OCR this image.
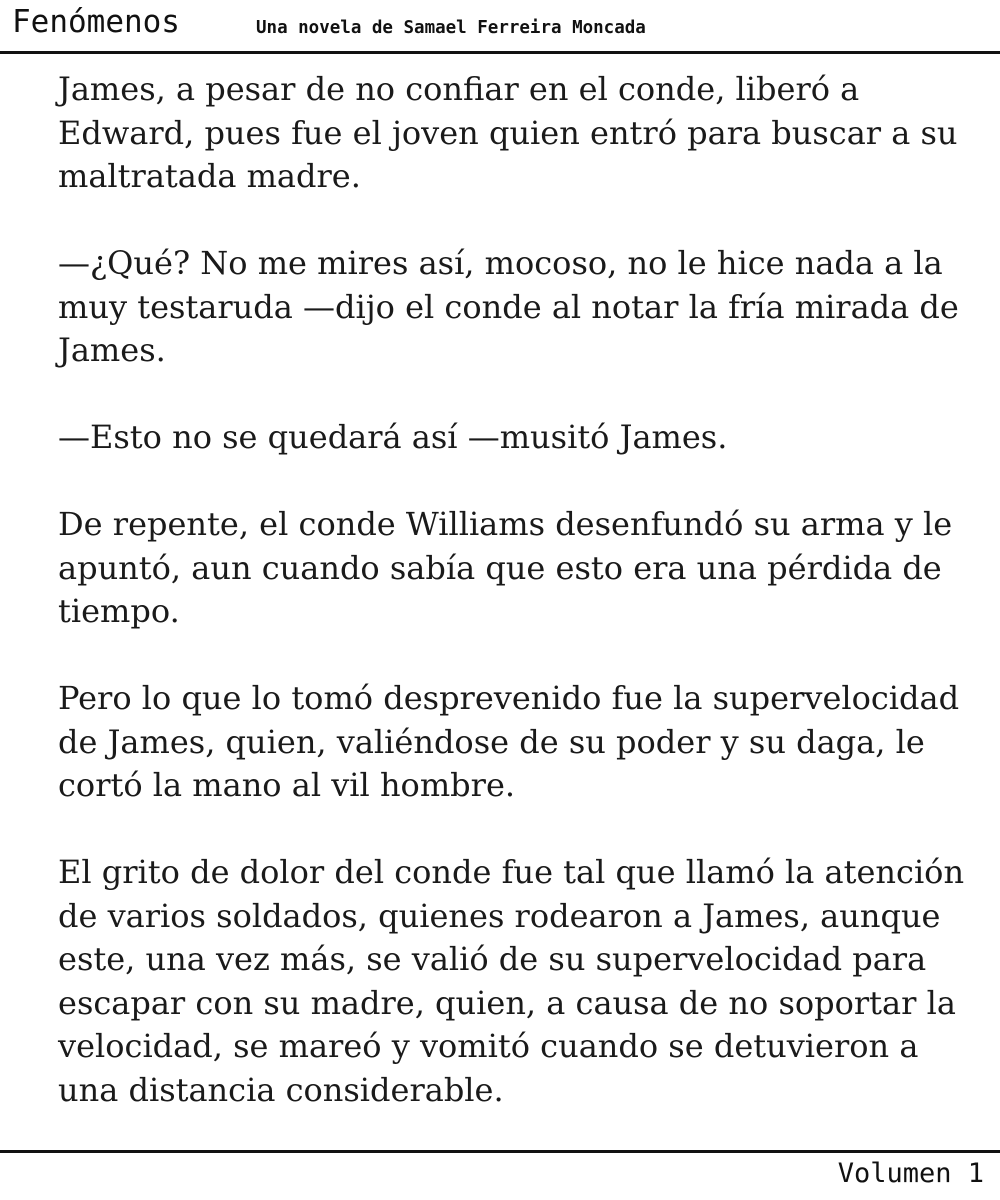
Fenómenos	Una novela de Samael Ferreira Moncada

James, a pesar de no confiar en el conde, liberó a Edward, pues fue el joven quien entró para buscar a su maltratada madre.

—¿Qué? No me mires así, mocoso, no le hice nada a la muy testaruda —dijo el conde al notar la fría mirada de James.

—Esto no se quedará así —musitó James.

De repente, el conde Williams desenfundó su arma y le apuntó, aun cuando sabía que esto era una pérdida de tiempo.

Pero lo que lo tomó desprevenido fue la supervelocidad de James, quien, valiéndose de su poder y su daga, le cortó la mano al vil hombre.

El grito de dolor del conde fue tal que llamó la atención de varios soldados, quienes rodearon a James, aunque este, una vez más, se valió de su supervelocidad para escapar con su madre, quien, a causa de no soportar la velocidad, se mareó y vomitó cuando se detuvieron a una distancia considerable.

Volumen 1
